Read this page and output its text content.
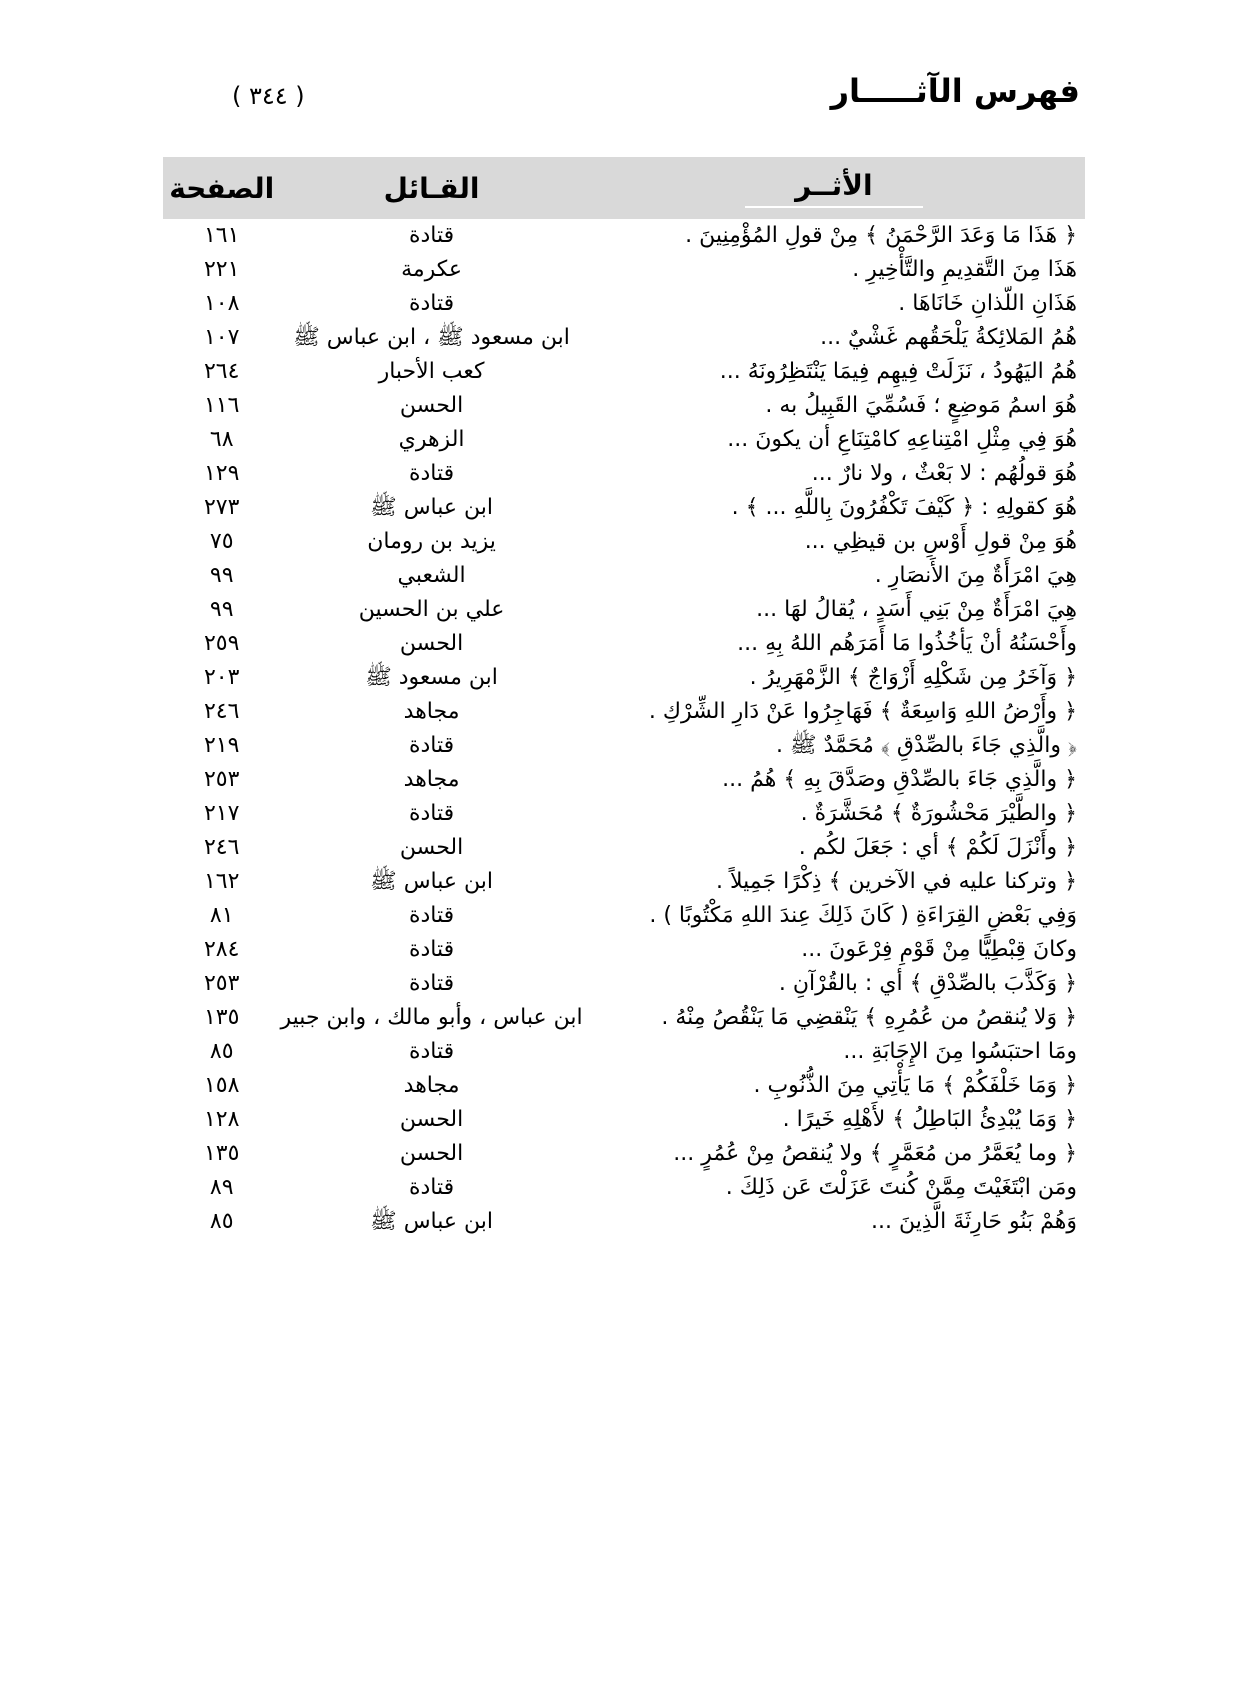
فهرس الآثـــــار
( ٣٤٤ )
الأثــر	القـائل	الصفحة
﴿ هَذَا مَا وَعَدَ الرَّحْمَنُ ﴾ مِنْ قولِ المُؤْمِنِينَ .	قتادة	١٦١
هَذَا مِنَ التَّقدِيمِ والتَّأْخِيرِ .	عكرمة	٢٢١
هَذَانِ اللّذانِ خَانَاهَا .	قتادة	١٠٨
هُمُ المَلائِكةُ يَلْحَقُهم غَشْيٌ ...	ابن مسعود ﷺ ، ابن عباس ﷺ	١٠٧
هُمُ اليَهُودُ ، نَزَلَتْ فِيهِم فِيمَا يَنْتَظِرُونَهُ ...	كعب الأحبار	٢٦٤
هُوَ اسمُ مَوضِعٍ ؛ فَسُمِّيَ القَبِيلُ به .	الحسن	١١٦
هُوَ فِي مِثْلِ امْتِناعِهِ كامْتِنَاعِ أن يكونَ ...	الزهري	٦٨
هُوَ قولُهُم : لا بَعْثٌ ، ولا نارٌ ...	قتادة	١٢٩
هُوَ كقولِهِ : ﴿ كَيْفَ تَكْفُرُونَ بِاللَّهِ ... ﴾ .	ابن عباس ﷺ	٢٧٣
هُوَ مِنْ قولِ أَوْسِ بن قيظِي ...	يزيد بن رومان	٧٥
هِيَ امْرَأَةٌ مِنَ الأَنصَارِ .	الشعبي	٩٩
هِيَ امْرَأَةٌ مِنْ بَنِي أَسَدٍ ، يُقالُ لهَا ...	علي بن الحسين	٩٩
وأَحْسَنُهُ أنْ يَأخُذُوا مَا أَمَرَهُم اللهُ بِهِ ...	الحسن	٢٥٩
﴿ وَآخَرُ مِن شَكْلِهِ أَزْوَاجٌ ﴾ الزَّمْهَرِيرُ .	ابن مسعود ﷺ	٢٠٣
﴿ وأَرْضُ اللهِ وَاسِعَةٌ ﴾ فَهَاجِرُوا عَنْ دَارِ الشِّرْكِ .	مجاهد	٢٤٦
﴿ والَّذِي جَاءَ بالصِّدْقِ ﴾ مُحَمَّدٌ ﷺ .	قتادة	٢١٩
﴿ والَّذِي جَاءَ بالصِّدْقِ وصَدَّقَ بِهِ ﴾ هُمُ ...	مجاهد	٢٥٣
﴿ والطَّيْرَ مَحْشُورَةٌ ﴾ مُحَشَّرَةٌ .	قتادة	٢١٧
﴿ وأَنْزَلَ لَكُمْ ﴾ أي : جَعَلَ لكُم .	الحسن	٢٤٦
﴿ وتركنا عليه في الآخرين ﴾ ذِكْرًا جَمِيلاً .	ابن عباس ﷺ	١٦٢
وَفِي بَعْضِ القِرَاءَةِ ( كَانَ ذَلِكَ عِندَ اللهِ مَكْتُوبًا ) .	قتادة	٨١
وكانَ قِبْطِيًّا مِنْ قَوْمِ فِرْعَونَ ...	قتادة	٢٨٤
﴿ وَكَذَّبَ بالصِّدْقِ ﴾ أي : بالقُرْآنِ .	قتادة	٢٥٣
﴿ وَلا يُنقصُ من عُمُرِهِ ﴾ يَنْقضِي مَا يَنْقُصُ مِنْهُ .	ابن عباس ، وأبو مالك ، وابن جبير	١٣٥
ومَا احتبَسُوا مِنَ الإِجَابَةِ ...	قتادة	٨٥
﴿ وَمَا خَلْفَكُمْ ﴾ مَا يَأْتِي مِنَ الذُّنُوبِ .	مجاهد	١٥٨
﴿ وَمَا يُبْدِئُ البَاطِلُ ﴾ لأَهْلِهِ خَيرًا .	الحسن	١٢٨
﴿ وما يُعَمَّرُ من مُعَمَّرٍ ﴾ ولا يُنقصُ مِنْ عُمُرٍ ...	الحسن	١٣٥
ومَن ابْتَغَيْتَ مِمَّنْ كُنتَ عَزَلْتَ عَن ذَلِكَ .	قتادة	٨٩
وَهُمْ بَنُو حَارِثَةَ الَّذِينَ ...	ابن عباس ﷺ	٨٥
